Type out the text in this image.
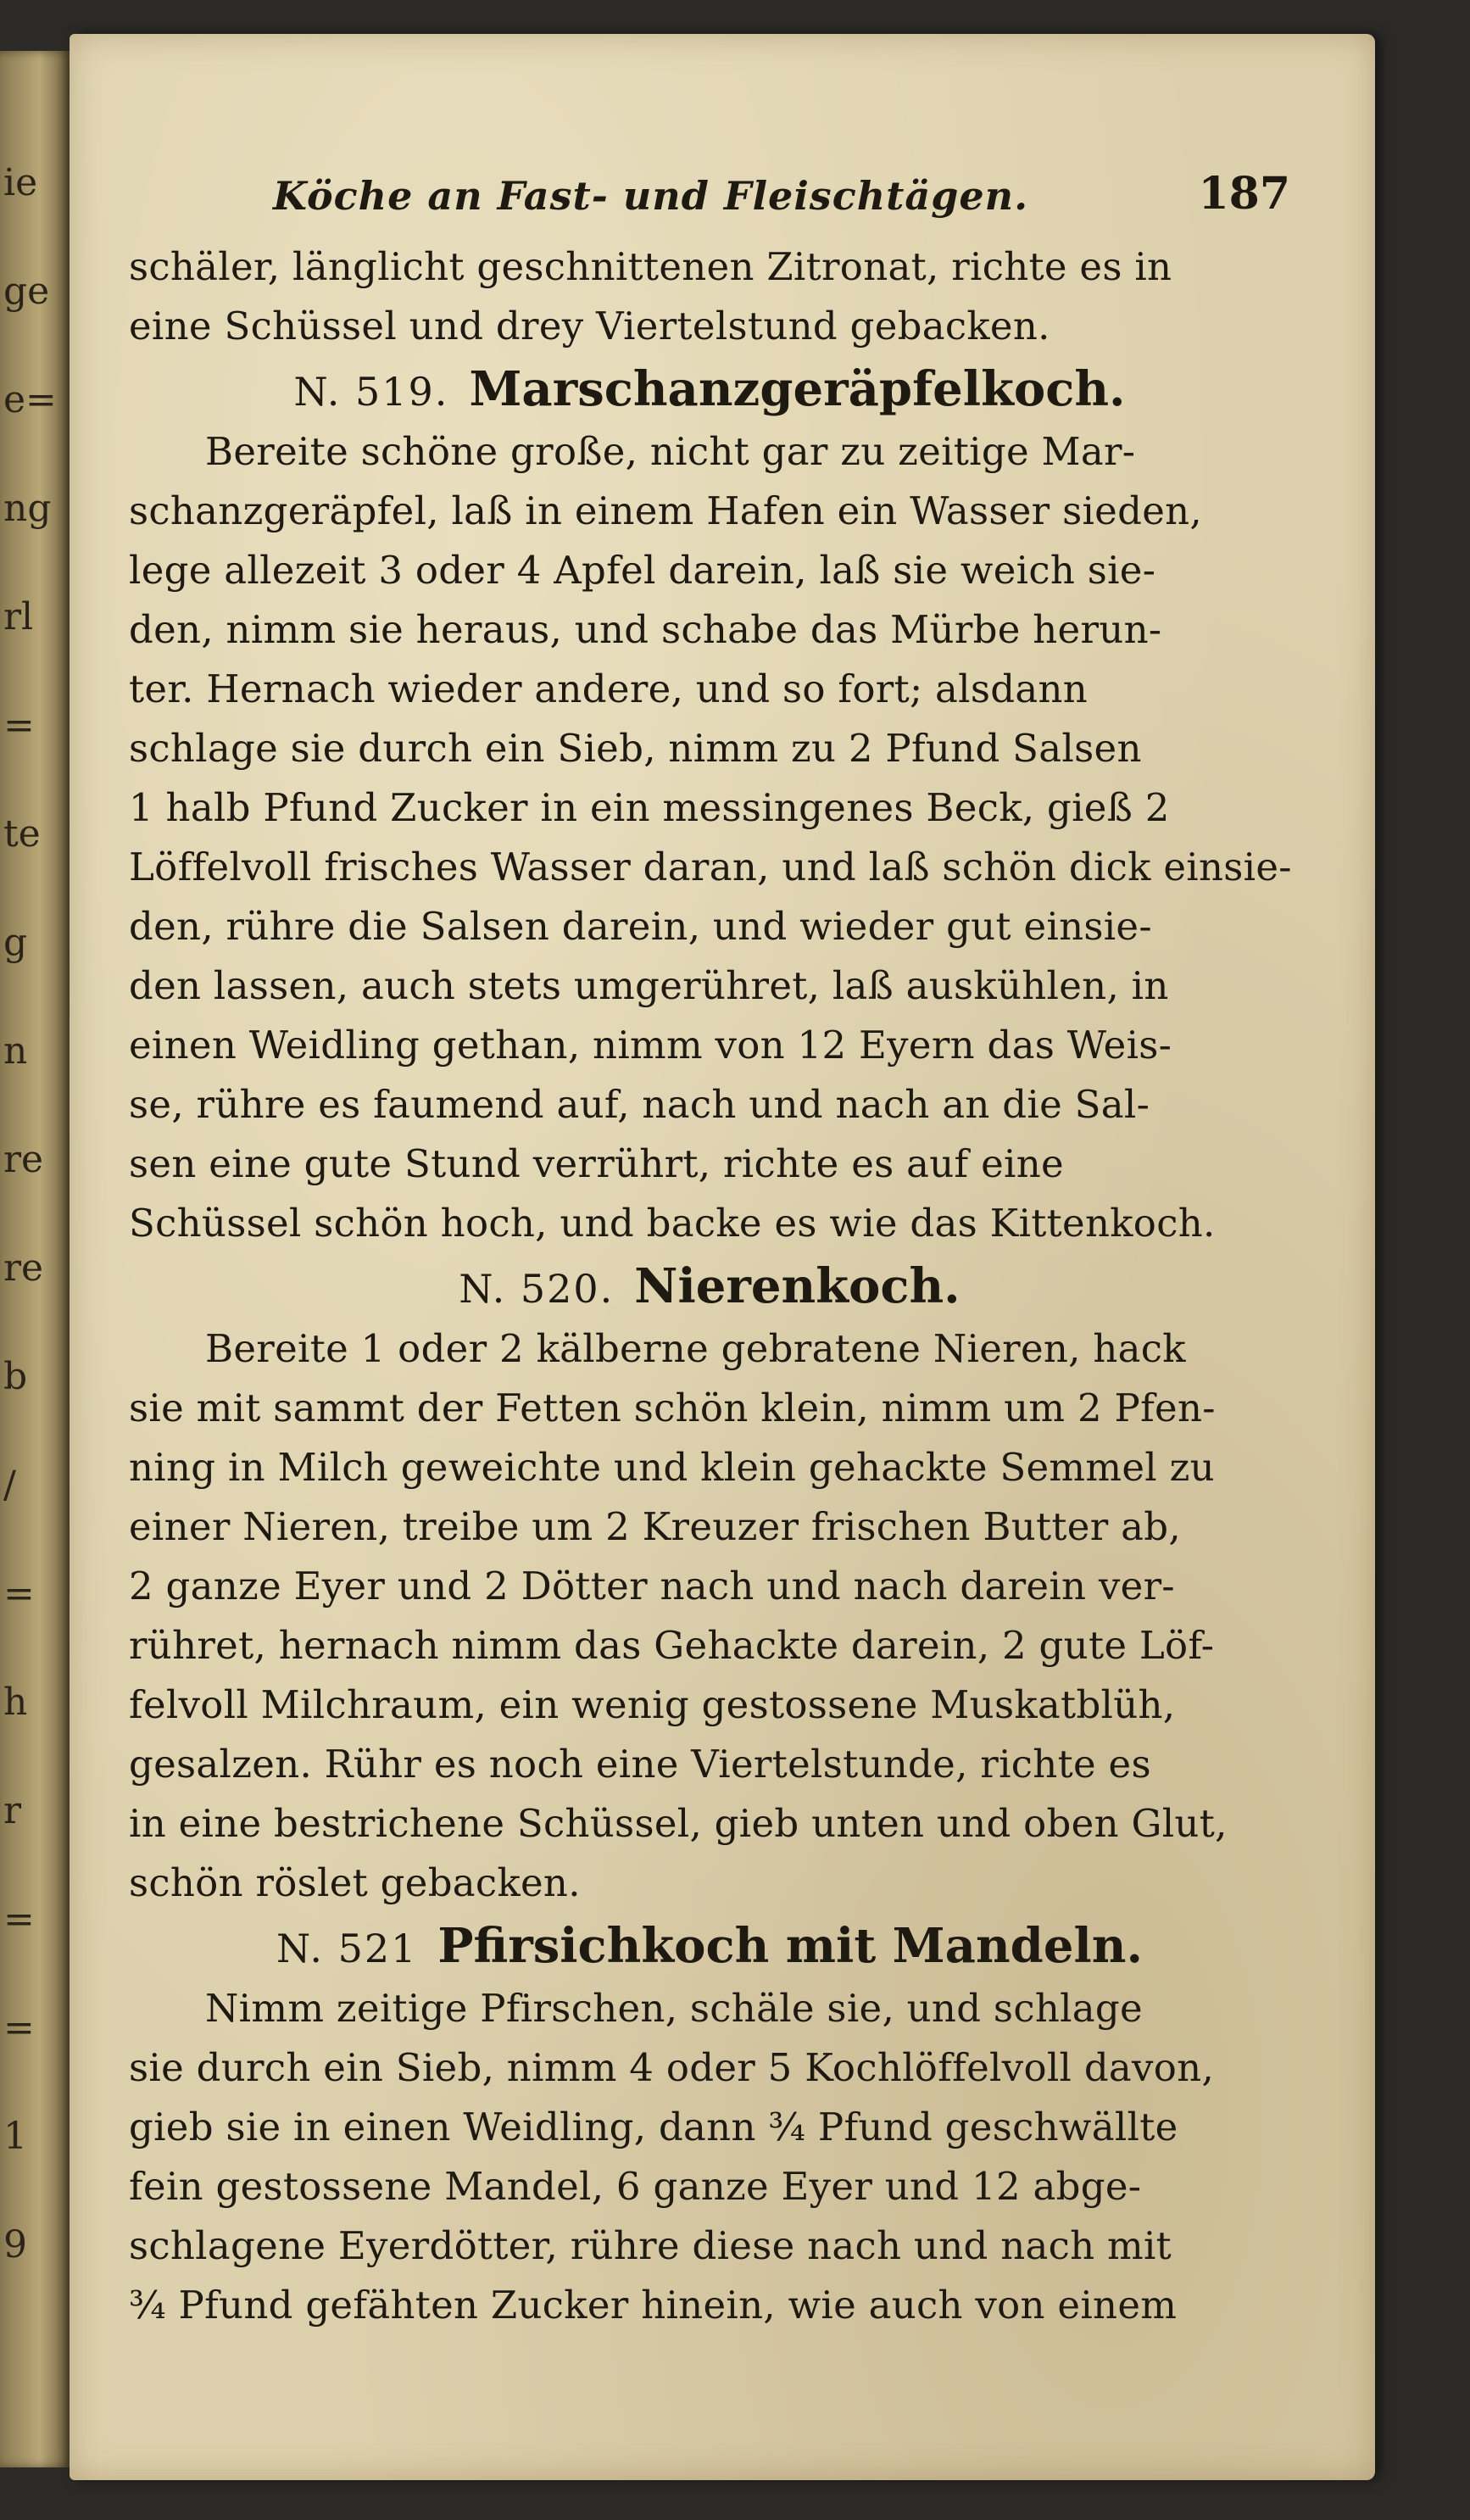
ie
ge
e=
ng
rl
=
te
g
n
re
re
b
/
=
h
r
=
=
1
9
Köche an Fast- und Fleischtägen.	187
schäler, länglicht geschnittenen Zitronat, richte es in
eine Schüssel und drey Viertelstund gebacken.
N. 519. Marschanzgeräpfelkoch.
Bereite schöne große, nicht gar zu zeitige Mar-
schanzgeräpfel, laß in einem Hafen ein Wasser sieden,
lege allezeit 3 oder 4 Apfel darein, laß sie weich sie-
den, nimm sie heraus, und schabe das Mürbe herun-
ter. Hernach wieder andere, und so fort; alsdann
schlage sie durch ein Sieb, nimm zu 2 Pfund Salsen
1 halb Pfund Zucker in ein messingenes Beck, gieß 2
Löffelvoll frisches Wasser daran, und laß schön dick einsie-
den, rühre die Salsen darein, und wieder gut einsie-
den lassen, auch stets umgerühret, laß auskühlen, in
einen Weidling gethan, nimm von 12 Eyern das Weis-
se, rühre es faumend auf, nach und nach an die Sal-
sen eine gute Stund verrührt, richte es auf eine
Schüssel schön hoch, und backe es wie das Kittenkoch.
N. 520. Nierenkoch.
Bereite 1 oder 2 kälberne gebratene Nieren, hack
sie mit sammt der Fetten schön klein, nimm um 2 Pfen-
ning in Milch geweichte und klein gehackte Semmel zu
einer Nieren, treibe um 2 Kreuzer frischen Butter ab,
2 ganze Eyer und 2 Dötter nach und nach darein ver-
rühret, hernach nimm das Gehackte darein, 2 gute Löf-
felvoll Milchraum, ein wenig gestossene Muskatblüh,
gesalzen. Rühr es noch eine Viertelstunde, richte es
in eine bestrichene Schüssel, gieb unten und oben Glut,
schön röslet gebacken.
N. 521 Pfirsichkoch mit Mandeln.
Nimm zeitige Pfirschen, schäle sie, und schlage
sie durch ein Sieb, nimm 4 oder 5 Kochlöffelvoll davon,
gieb sie in einen Weidling, dann ¾ Pfund geschwällte
fein gestossene Mandel, 6 ganze Eyer und 12 abge-
schlagene Eyerdötter, rühre diese nach und nach mit
¾ Pfund gefähten Zucker hinein, wie auch von einem
